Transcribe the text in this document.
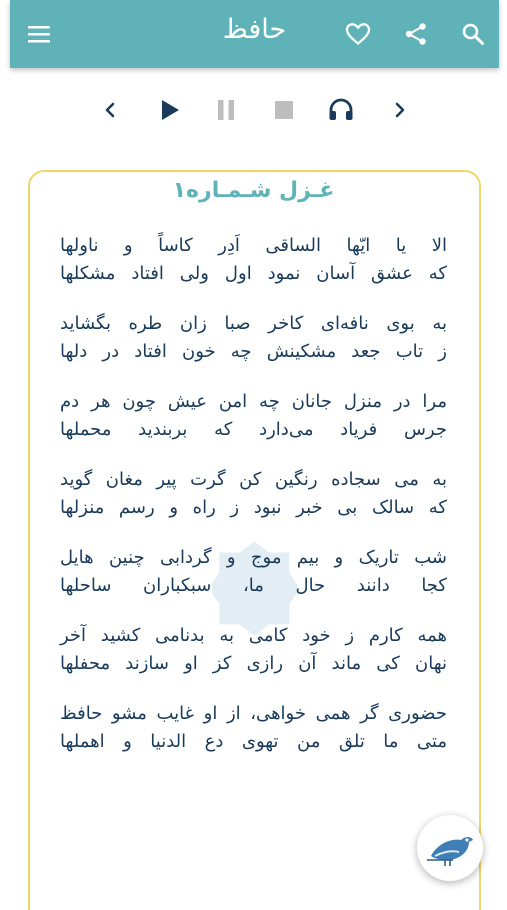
حافظ
غـزل شـمـاره۱
الا یا ایّها الساقی اَدِر کاساً و ناولها
که عشق آسان نمود اول ولی افتاد مشکلها
به بوی نافه‌ای کاخر صبا زان طره بگشاید
ز تاب جعد مشکینش چه خون افتاد در دلها
مرا در منزل جانان چه امن عیش چون هر دم
جرس فریاد می‌دارد که بربندید محملها
به می سجاده رنگین کن گرت پیر مغان گوید
که سالک بی خبر نبود ز راه و رسم منزلها
شب تاریک و بیم موج و گردابی چنین هایل
کجا دانند حال ما، سبکباران ساحلها
همه کارم ز خود کامی به بدنامی کشید آخر
نهان کی ماند آن رازی کز او سازند محفلها
حضوری گر همی خواهی، از او غایب مشو حافظ
متی ما تلق من تهوی دع الدنیا و اهملها
